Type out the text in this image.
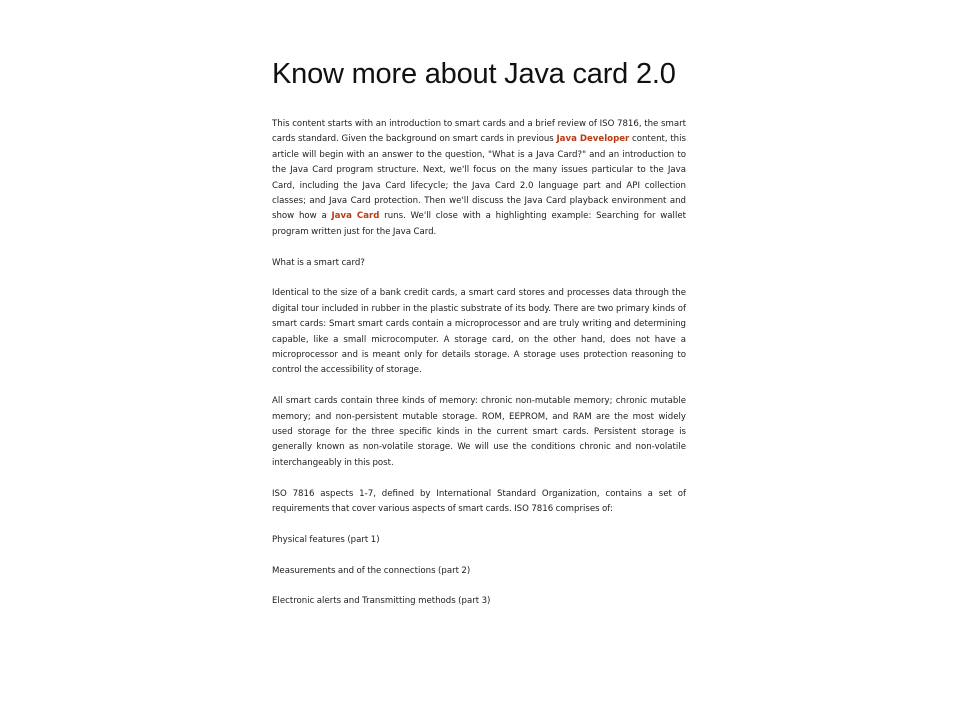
Know more about Java card 2.0

This content starts with an introduction to smart cards and a brief review of ISO 7816, the smart cards standard. Given the background on smart cards in previous Java Developer content, this article will begin with an answer to the question, "What is a Java Card?" and an introduction to the Java Card program structure. Next, we'll focus on the many issues particular to the Java Card, including the Java Card lifecycle; the Java Card 2.0 language part and API collection classes; and Java Card protection. Then we'll discuss the Java Card playback environment and show how a Java Card runs. We'll close with a highlighting example: Searching for wallet program written just for the Java Card.

What is a smart card?

Identical to the size of a bank credit cards, a smart card stores and processes data through the digital tour included in rubber in the plastic substrate of its body. There are two primary kinds of smart cards: Smart smart cards contain a microprocessor and are truly writing and determining capable, like a small microcomputer. A storage card, on the other hand, does not have a microprocessor and is meant only for details storage. A storage uses protection reasoning to control the accessibility of storage.

All smart cards contain three kinds of memory: chronic non-mutable memory; chronic mutable memory; and non-persistent mutable storage. ROM, EEPROM, and RAM are the most widely used storage for the three specific kinds in the current smart cards. Persistent storage is generally known as non-volatile storage. We will use the conditions chronic and non-volatile interchangeably in this post.

ISO 7816 aspects 1-7, defined by International Standard Organization, contains a set of requirements that cover various aspects of smart cards. ISO 7816 comprises of:

Physical features (part 1)

Measurements and of the connections (part 2)

Electronic alerts and Transmitting methods (part 3)
